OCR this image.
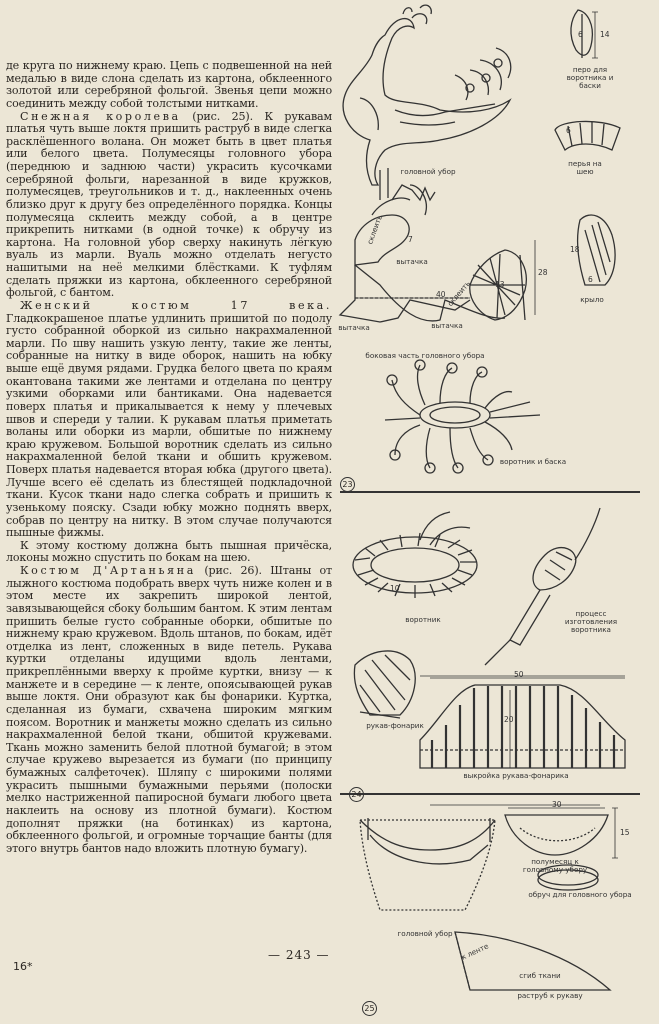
де круга по нижнему краю. Цепь с подвешенной на ней медалью в виде слона сделать из картона, обклеенного золотой или серебряной фольгой. Звенья цепи можно соединить между собой толстыми нитками.

Снежная королева (рис. 25). К рукавам платья чуть выше локтя пришить раструб в виде слегка расклёшенного волана. Он может быть в цвет платья или белого цвета. Полумесяцы головного убора (переднюю и заднюю части) украсить кусочками серебряной фольги, нарезанной в виде кружков, полумесяцев, треугольников и т. д., наклеенных очень близко друг к другу без определённого порядка. Концы полумесяца склеить между собой, а в центре прикрепить нитками (в одной точке) к обручу из картона. На головной убор сверху накинуть лёгкую вуаль из марли. Вуаль можно отделать негусто нашитыми на неё мелкими блёстками. К туфлям сделать пряжки из картона, обклеенного серебряной фольгой, с бантом.

Женский костюм 17 века. Гладкокрашеное платье удлинить пришитой по подолу густо собранной оборкой из сильно накрахмаленной марли. По шву нашить узкую ленту, такие же ленты, собранные на нитку в виде оборок, нашить на юбку выше ещё двумя рядами. Грудка белого цвета по краям окантована такими же лентами и отделана по центру узкими оборками или бантиками. Она надевается поверх платья и прикалывается к нему у плечевых швов и спереди у талии. К рукавам платья приметать воланы или оборки из марли, обшитые по нижнему краю кружевом. Большой воротник сделать из сильно накрахмаленной белой ткани и обшить кружевом. Поверх платья надевается вторая юбка (другого цвета). Лучше всего её сделать из блестящей подкладочной ткани. Кусок ткани надо слегка собрать и пришить к узенькому пояску. Сзади юбку можно поднять вверх, собрав по центру на нитку. В этом случае получаются пышные фижмы.

К этому костюму должна быть пышная причёска, локоны можно спустить по бокам на шею.

Костюм Д'Артаньяна (рис. 26). Штаны от лыжного костюма подобрать вверх чуть ниже колен и в этом месте их закрепить широкой лентой, завязывающейся сбоку большим бантом. К этим лентам пришить белые густо собранные оборки, обшитые по нижнему краю кружевом. Вдоль штанов, по бокам, идёт отделка из лент, сложенных в виде петель. Рукава куртки отделаны идущими вдоль лентами, прикреплёнными вверху к пройме куртки, внизу — к манжете и в середине — к ленте, опоясывающей рукав выше локтя. Они образуют как бы фонарики. Куртка, сделанная из бумаги, схвачена широким мягким поясом. Воротник и манжеты можно сделать из сильно накрахмаленной белой ткани, обшитой кружевами. Ткань можно заменить белой плотной бумагой; в этом случае кружево вырезается из бумаги (по принципу бумажных салфеточек). Шляпу с широкими полями украсить пышными бумажными перьями (полоски мелко настриженной папиросной бумаги любого цвета наклеить на основу из плотной бумаги). Костюм дополнят пряжки (на ботинках) из картона, обклеенного фольгой, и огромные торчащие банты (для этого внутрь бантов надо вложить плотную бумагу).

16*
— 243 —
головной убор
перо для воротника и баски
перья на шею
крыло
боковая часть головного убора
воротник и баска
склеить
склеить
вытачка
вытачка	вытачка
14
6
6
6
18
7
13
28
40
23
воротник
процесс изготовления воротника
рукав-фонарик
выкройка рукава-фонарика
10
50
20
24
головной убор
полумесяц к головному убору
обруч для головного убора
к ленте
сгиб ткани
раструб к рукаву
30
15
25
